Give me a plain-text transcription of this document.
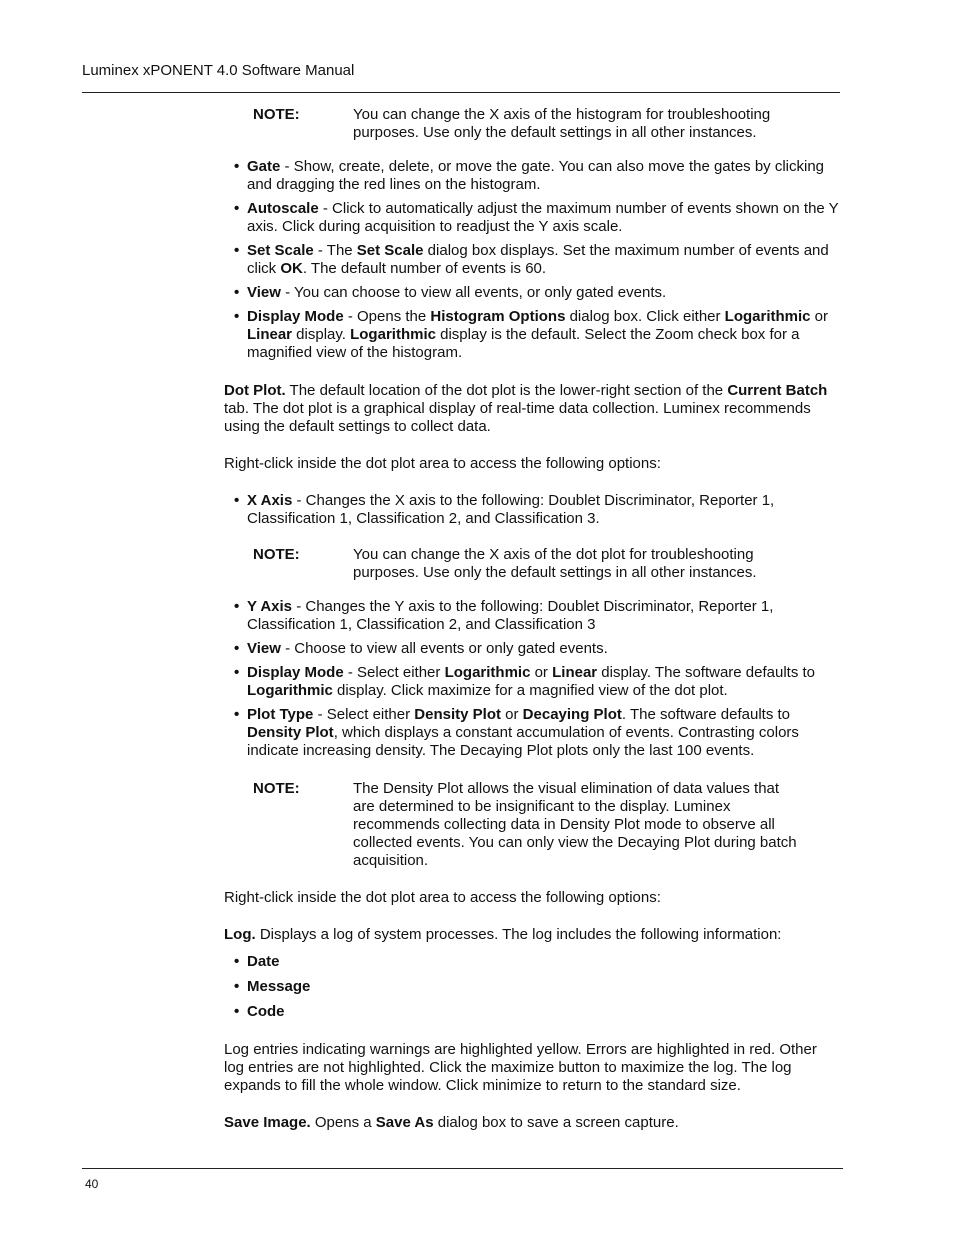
Luminex xPONENT 4.0 Software Manual
NOTE:	You can change the X axis of the histogram for troubleshooting purposes. Use only the default settings in all other instances.
• Gate - Show, create, delete, or move the gate. You can also move the gates by clicking and dragging the red lines on the histogram.
• Autoscale - Click to automatically adjust the maximum number of events shown on the Y axis. Click during acquisition to readjust the Y axis scale.
• Set Scale - The Set Scale dialog box displays. Set the maximum number of events and click OK. The default number of events is 60.
• View - You can choose to view all events, or only gated events.
• Display Mode - Opens the Histogram Options dialog box. Click either Logarithmic or Linear display. Logarithmic display is the default. Select the Zoom check box for a magnified view of the histogram.

Dot Plot. The default location of the dot plot is the lower-right section of the Current Batch tab. The dot plot is a graphical display of real-time data collection. Luminex recommends using the default settings to collect data.

Right-click inside the dot plot area to access the following options:

• X Axis - Changes the X axis to the following: Doublet Discriminator, Reporter 1, Classification 1, Classification 2, and Classification 3.
NOTE:	You can change the X axis of the dot plot for troubleshooting purposes. Use only the default settings in all other instances.
• Y Axis - Changes the Y axis to the following: Doublet Discriminator, Reporter 1, Classification 1, Classification 2, and Classification 3
• View - Choose to view all events or only gated events.
• Display Mode - Select either Logarithmic or Linear display. The software defaults to Logarithmic display. Click maximize for a magnified view of the dot plot.
• Plot Type - Select either Density Plot or Decaying Plot. The software defaults to Density Plot, which displays a constant accumulation of events. Contrasting colors indicate increasing density. The Decaying Plot plots only the last 100 events.
NOTE:	The Density Plot allows the visual elimination of data values that are determined to be insignificant to the display. Luminex recommends collecting data in Density Plot mode to observe all collected events. You can only view the Decaying Plot during batch acquisition.

Right-click inside the dot plot area to access the following options:

Log. Displays a log of system processes. The log includes the following information:

• Date
• Message
• Code

Log entries indicating warnings are highlighted yellow. Errors are highlighted in red. Other log entries are not highlighted. Click the maximize button to maximize the log. The log expands to fill the whole window. Click minimize to return to the standard size.

Save Image. Opens a Save As dialog box to save a screen capture.

40
